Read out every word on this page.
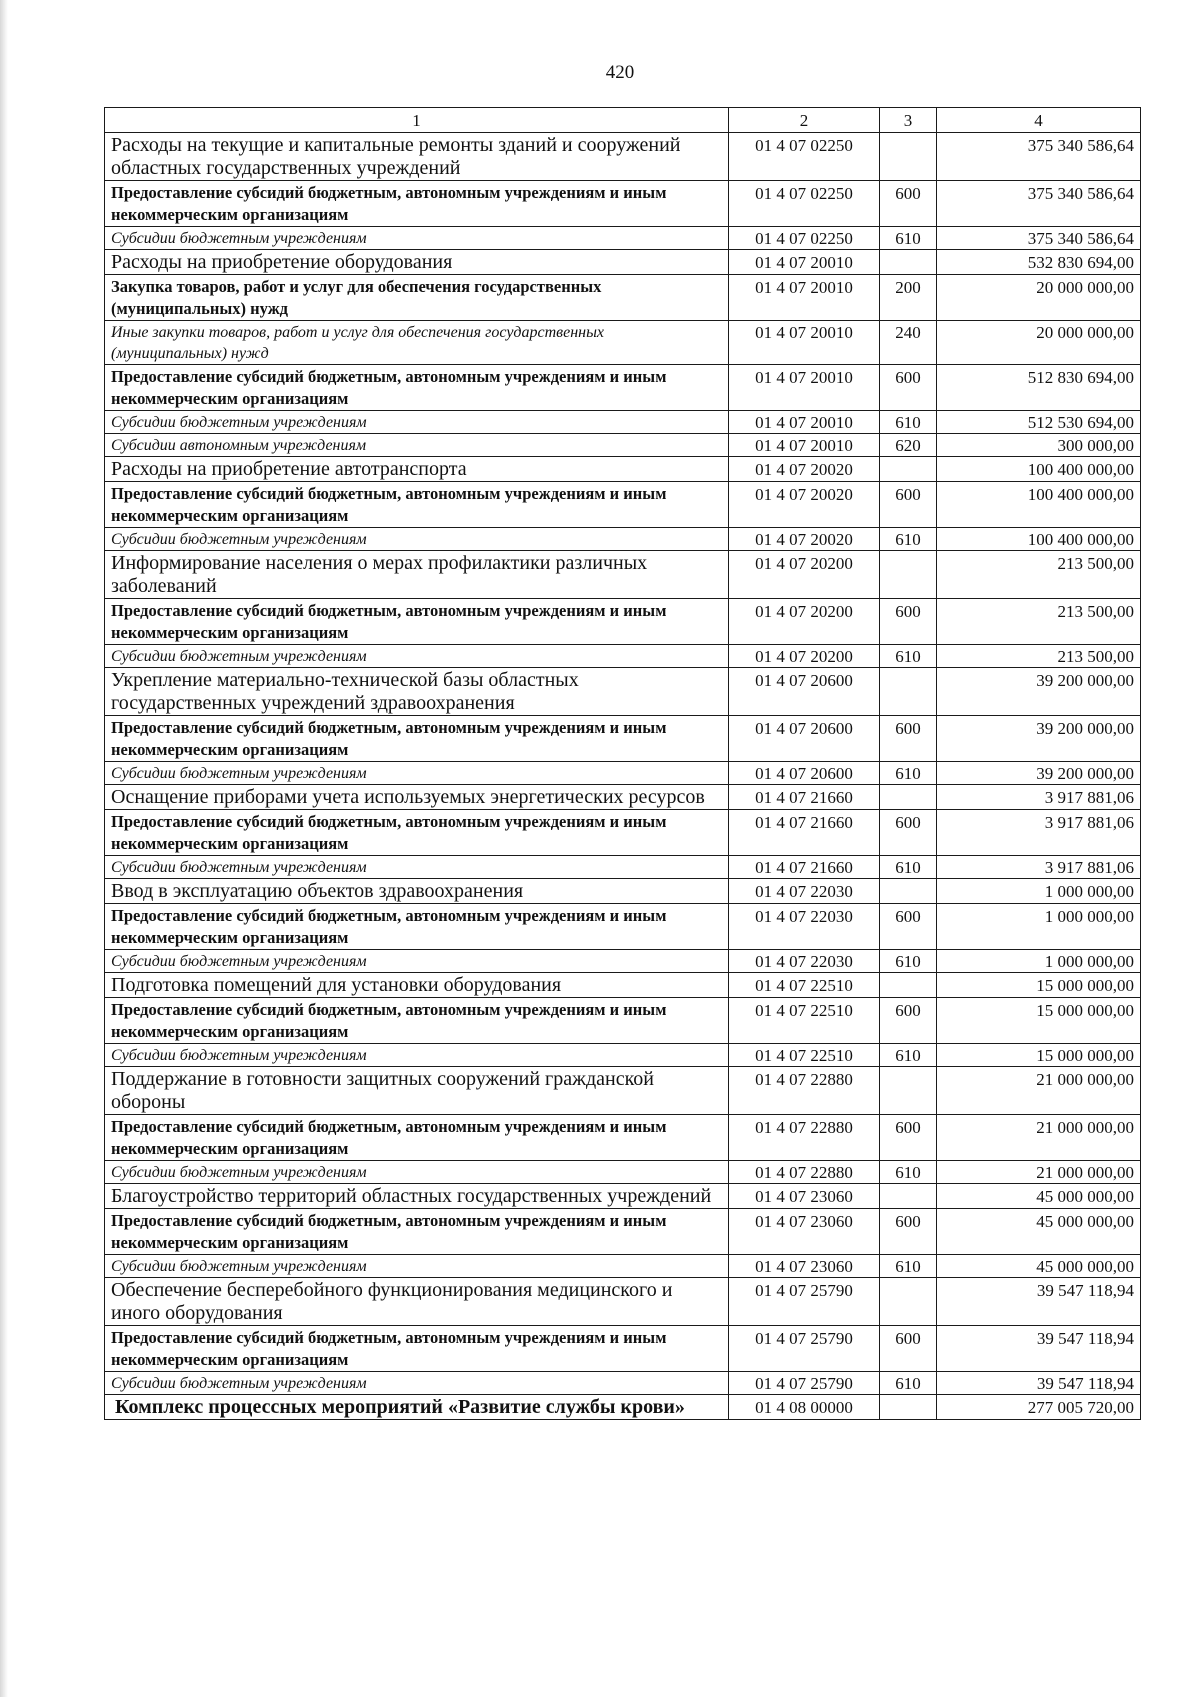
420
1	2	3	4
Расходы на текущие и капитальные ремонты зданий и сооружений областных государственных учреждений	01 4 07 02250		375 340 586,64
Предоставление субсидий бюджетным, автономным учреждениям и иным некоммерческим организациям	01 4 07 02250	600	375 340 586,64
Субсидии бюджетным учреждениям	01 4 07 02250	610	375 340 586,64
Расходы на приобретение оборудования	01 4 07 20010		532 830 694,00
Закупка товаров, работ и услуг для обеспечения государственных (муниципальных) нужд	01 4 07 20010	200	20 000 000,00
Иные закупки товаров, работ и услуг для обеспечения государственных (муниципальных) нужд	01 4 07 20010	240	20 000 000,00
Предоставление субсидий бюджетным, автономным учреждениям и иным некоммерческим организациям	01 4 07 20010	600	512 830 694,00
Субсидии бюджетным учреждениям	01 4 07 20010	610	512 530 694,00
Субсидии автономным учреждениям	01 4 07 20010	620	300 000,00
Расходы на приобретение автотранспорта	01 4 07 20020		100 400 000,00
Предоставление субсидий бюджетным, автономным учреждениям и иным некоммерческим организациям	01 4 07 20020	600	100 400 000,00
Субсидии бюджетным учреждениям	01 4 07 20020	610	100 400 000,00
Информирование населения о мерах профилактики различных заболеваний	01 4 07 20200		213 500,00
Предоставление субсидий бюджетным, автономным учреждениям и иным некоммерческим организациям	01 4 07 20200	600	213 500,00
Субсидии бюджетным учреждениям	01 4 07 20200	610	213 500,00
Укрепление материально-технической базы областных государственных учреждений здравоохранения	01 4 07 20600		39 200 000,00
Предоставление субсидий бюджетным, автономным учреждениям и иным некоммерческим организациям	01 4 07 20600	600	39 200 000,00
Субсидии бюджетным учреждениям	01 4 07 20600	610	39 200 000,00
Оснащение приборами учета используемых энергетических ресурсов	01 4 07 21660		3 917 881,06
Предоставление субсидий бюджетным, автономным учреждениям и иным некоммерческим организациям	01 4 07 21660	600	3 917 881,06
Субсидии бюджетным учреждениям	01 4 07 21660	610	3 917 881,06
Ввод в эксплуатацию объектов здравоохранения	01 4 07 22030		1 000 000,00
Предоставление субсидий бюджетным, автономным учреждениям и иным некоммерческим организациям	01 4 07 22030	600	1 000 000,00
Субсидии бюджетным учреждениям	01 4 07 22030	610	1 000 000,00
Подготовка помещений для установки оборудования	01 4 07 22510		15 000 000,00
Предоставление субсидий бюджетным, автономным учреждениям и иным некоммерческим организациям	01 4 07 22510	600	15 000 000,00
Субсидии бюджетным учреждениям	01 4 07 22510	610	15 000 000,00
Поддержание в готовности защитных сооружений гражданской обороны	01 4 07 22880		21 000 000,00
Предоставление субсидий бюджетным, автономным учреждениям и иным некоммерческим организациям	01 4 07 22880	600	21 000 000,00
Субсидии бюджетным учреждениям	01 4 07 22880	610	21 000 000,00
Благоустройство территорий областных государственных учреждений	01 4 07 23060		45 000 000,00
Предоставление субсидий бюджетным, автономным учреждениям и иным некоммерческим организациям	01 4 07 23060	600	45 000 000,00
Субсидии бюджетным учреждениям	01 4 07 23060	610	45 000 000,00
Обеспечение бесперебойного функционирования медицинского и иного оборудования	01 4 07 25790		39 547 118,94
Предоставление субсидий бюджетным, автономным учреждениям и иным некоммерческим организациям	01 4 07 25790	600	39 547 118,94
Субсидии бюджетным учреждениям	01 4 07 25790	610	39 547 118,94
Комплекс процессных мероприятий «Развитие службы крови»	01 4 08 00000		277 005 720,00
